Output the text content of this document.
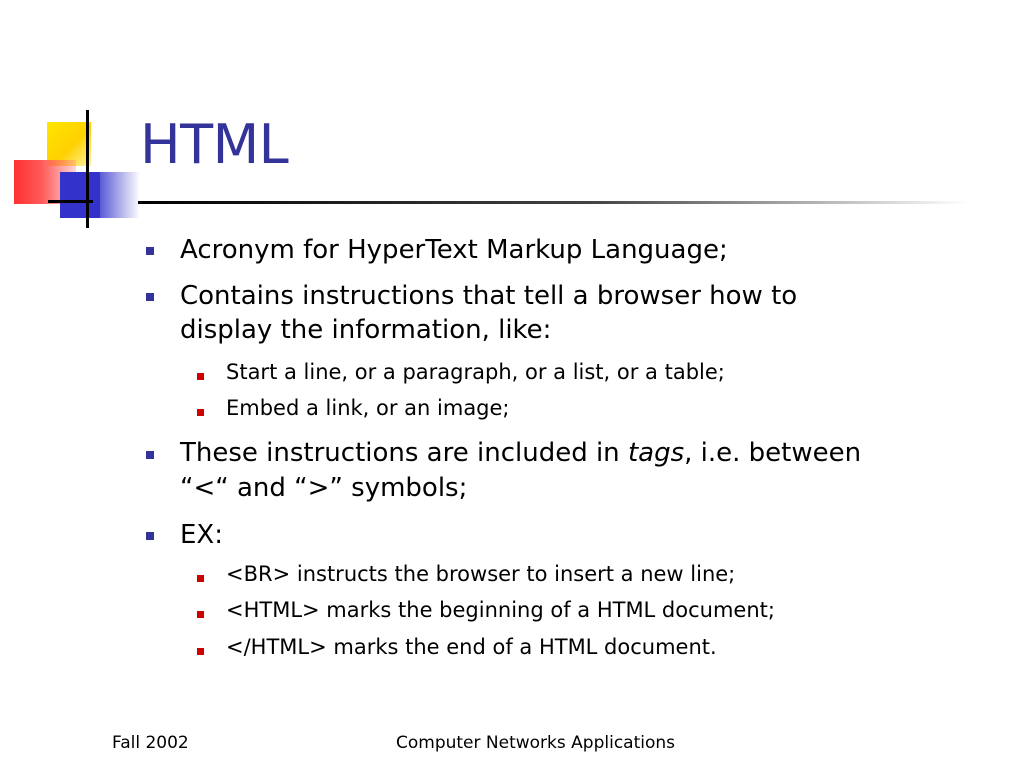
HTML
Acronym for HyperText Markup Language;
Contains instructions that tell a browser how to
display the information, like:
Start a line, or a paragraph, or a list, or a table;
Embed a link, or an image;
These instructions are included in tags, i.e. between
“<“ and “>” symbols;
EX:
<BR> instructs the browser to insert a new line;
<HTML> marks the beginning of a HTML document;
</HTML> marks the end of a HTML document.
Fall 2002	Computer Networks Applications
